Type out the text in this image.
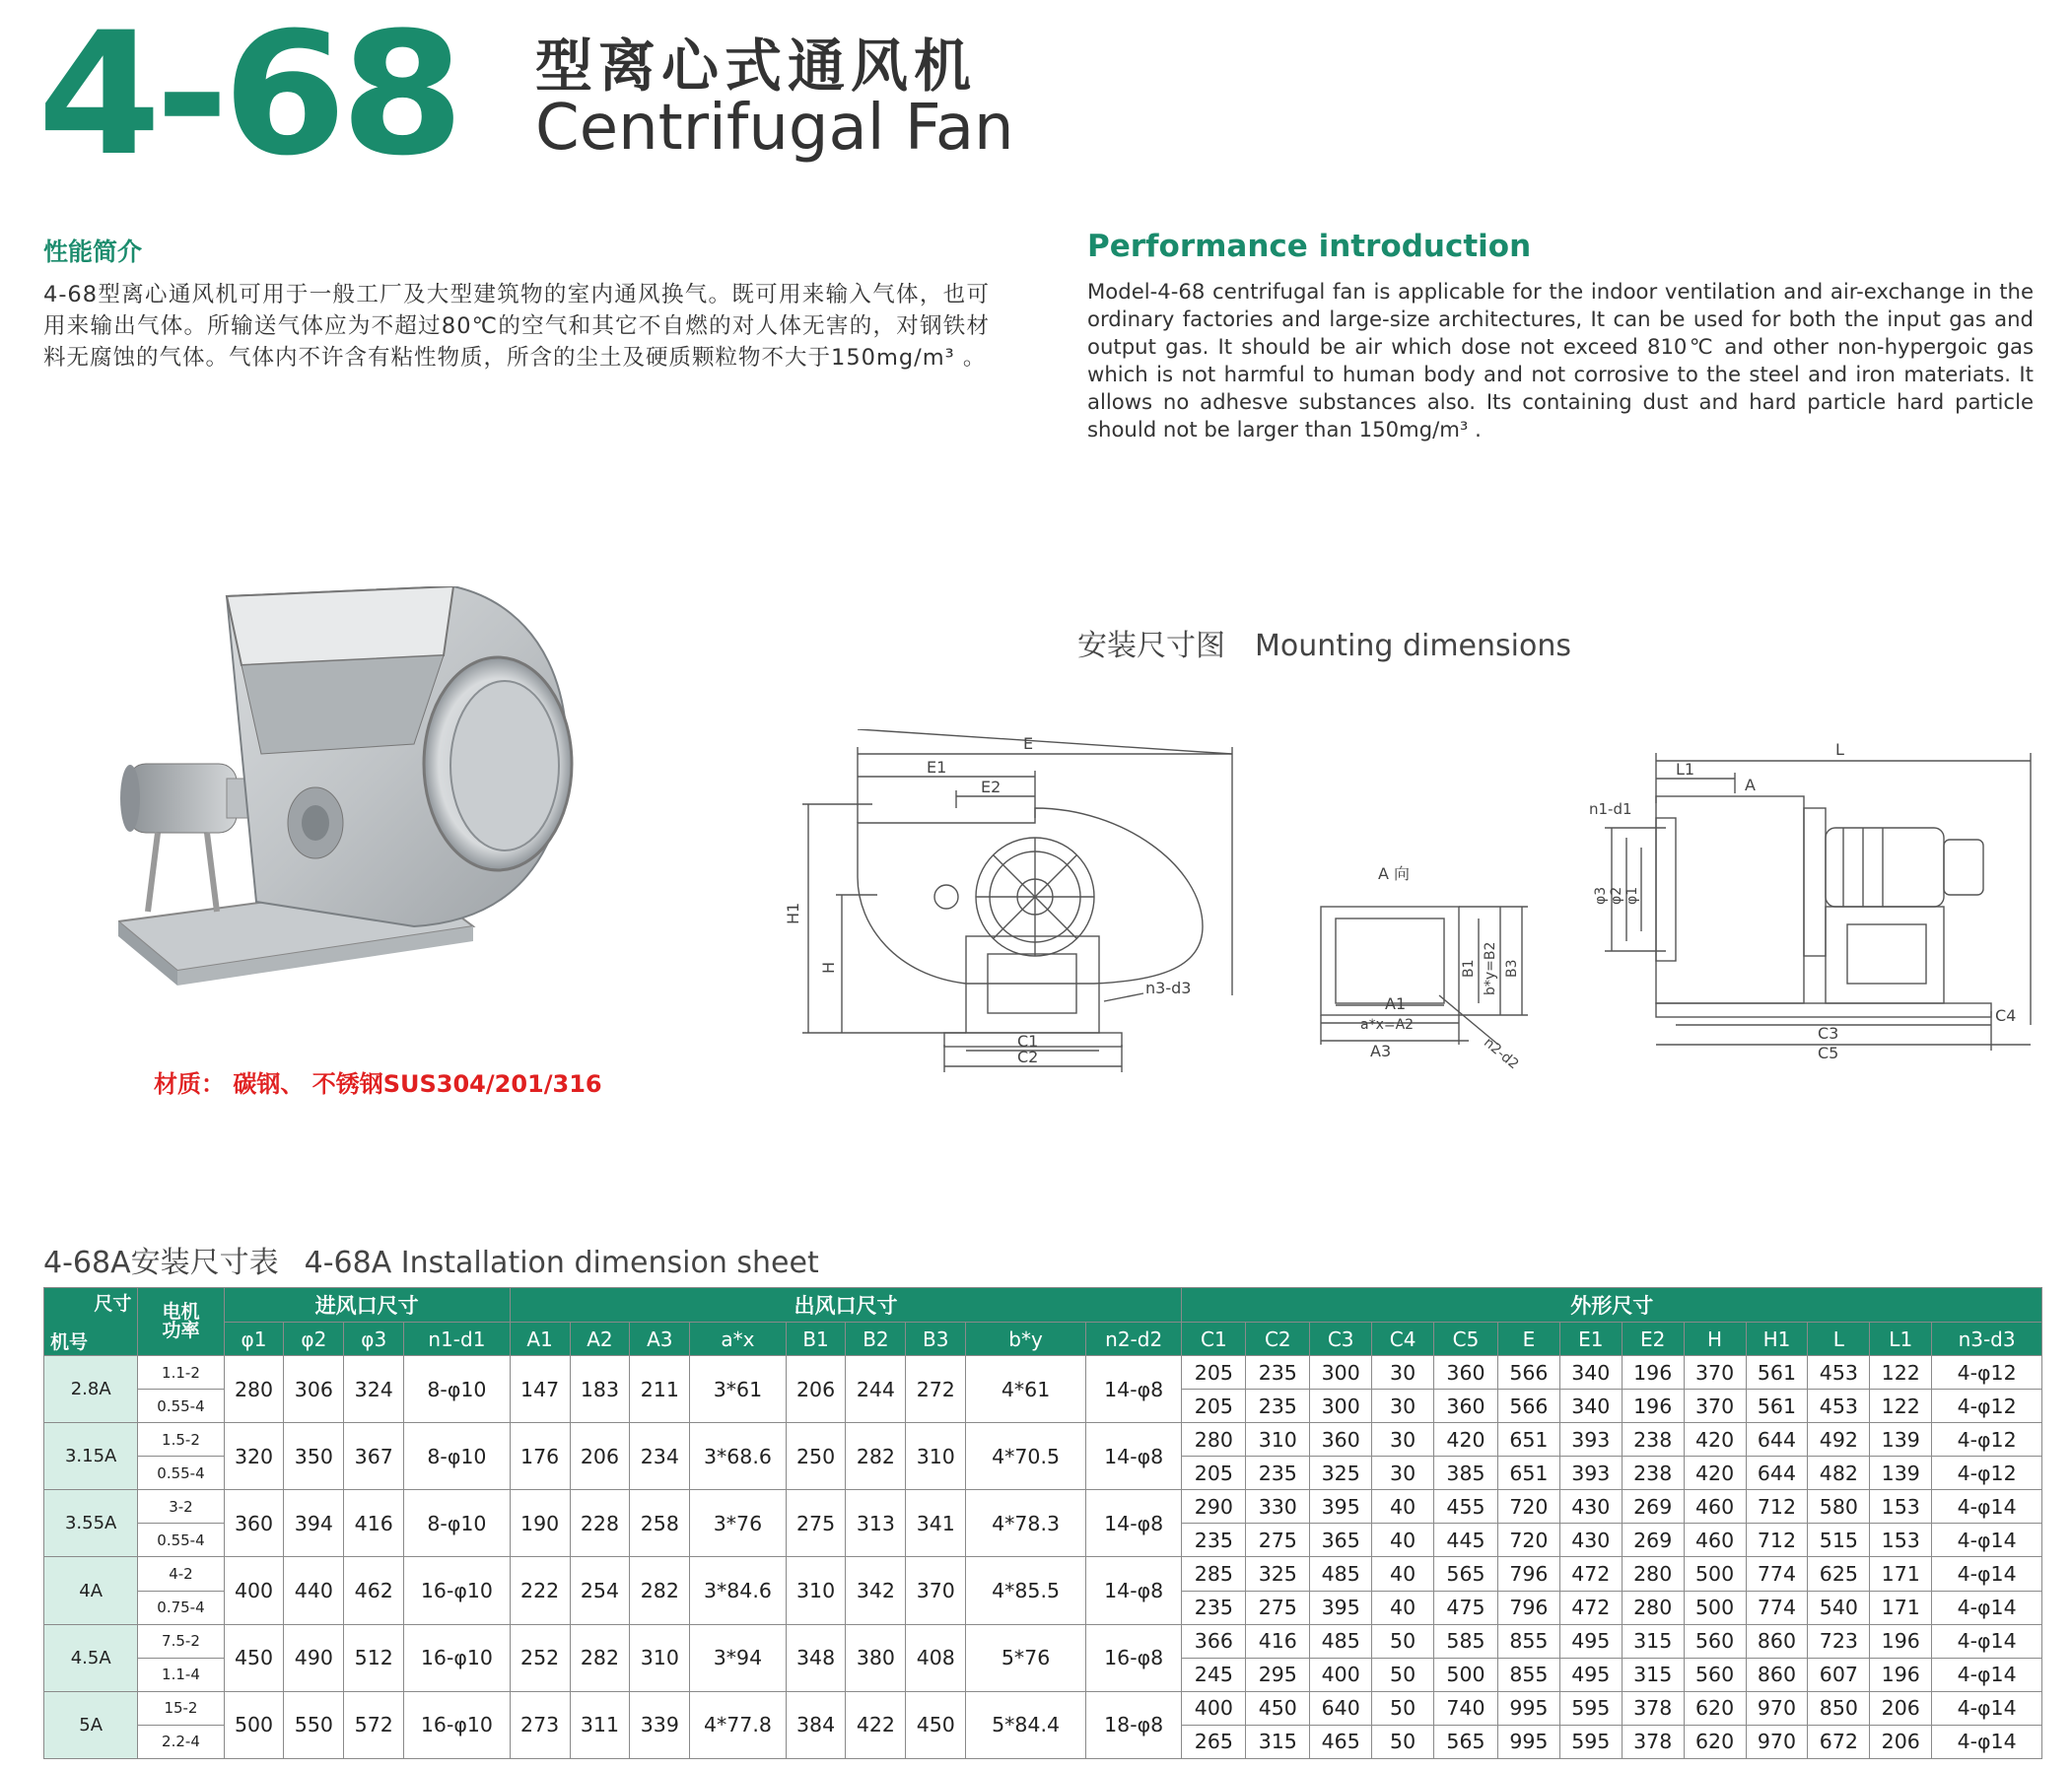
4-68 型离心式通风机
Centrifugal Fan
性能简介
4-68型离心通风机可用于一般工厂及大型建筑物的室内通风换气。既可用来输入气体，也可用来输出气体。所输送气体应为不超过80℃的空气和其它不自燃的对人体无害的，对钢铁材料无腐蚀的气体。气体内不许含有粘性物质，所含的尘土及硬质颗粒物不大于150mg/m³ 。
Performance introduction
Model-4-68 centrifugal fan is applicable for the indoor ventilation and air-exchange in the ordinary factories and large-size architectures, It can be used for both the input gas and output gas. It should be air which dose not exceed 810℃ and other non-hypergoic gas which is not harmful to human body and not corrosive to the steel and iron materiats. It allows no adhesve substances also. Its containing dust and hard particle hard particle should not be larger than 150mg/m³ .
材质： 碳钢、 不锈钢SUS304/201/316
安装尺寸图 Mounting dimensions
E
E1
E2
H1
H
C1
C2
n3-d3
A 向
A1
a*x=A2
A3
B1 b*y=B2 B3
n2-d2
L
L1
A
n1-d1
φ3 φ2 φ1
C3
C4
C5
4-68A安装尺寸表 4-68A Installation dimension sheet
尺寸
机号	电机
功率	进风口尺寸				出风口尺寸									外形尺寸												
		φ1	φ2	φ3	n1-d1	A1	A2	A3	a*x	B1	B2	B3	b*y	n2-d2	C1	C2	C3	C4	C5	E	E1	E2	H	H1	L	L1	n3-d3
2.8A	1.1-2	280	306	324	8-φ10	147	183	211	3*61	206	244	272	4*61	14-φ8	205	235	300	30	360	566	340	196	370	561	453	122	4-φ12
	0.55-4														205	235	300	30	360	566	340	196	370	561	453	122	4-φ12
3.15A	1.5-2	320	350	367	8-φ10	176	206	234	3*68.6	250	282	310	4*70.5	14-φ8	280	310	360	30	420	651	393	238	420	644	492	139	4-φ12
	0.55-4														205	235	325	30	385	651	393	238	420	644	482	139	4-φ12
3.55A	3-2	360	394	416	8-φ10	190	228	258	3*76	275	313	341	4*78.3	14-φ8	290	330	395	40	455	720	430	269	460	712	580	153	4-φ14
	0.55-4														235	275	365	40	445	720	430	269	460	712	515	153	4-φ14
4A	4-2	400	440	462	16-φ10	222	254	282	3*84.6	310	342	370	4*85.5	14-φ8	285	325	485	40	565	796	472	280	500	774	625	171	4-φ14
	0.75-4														235	275	395	40	475	796	472	280	500	774	540	171	4-φ14
4.5A	7.5-2	450	490	512	16-φ10	252	282	310	3*94	348	380	408	5*76	16-φ8	366	416	485	50	585	855	495	315	560	860	723	196	4-φ14
	1.1-4														245	295	400	50	500	855	495	315	560	860	607	196	4-φ14
5A	15-2	500	550	572	16-φ10	273	311	339	4*77.8	384	422	450	5*84.4	18-φ8	400	450	640	50	740	995	595	378	620	970	850	206	4-φ14
	2.2-4														265	315	465	50	565	995	595	378	620	970	672	206	4-φ14
